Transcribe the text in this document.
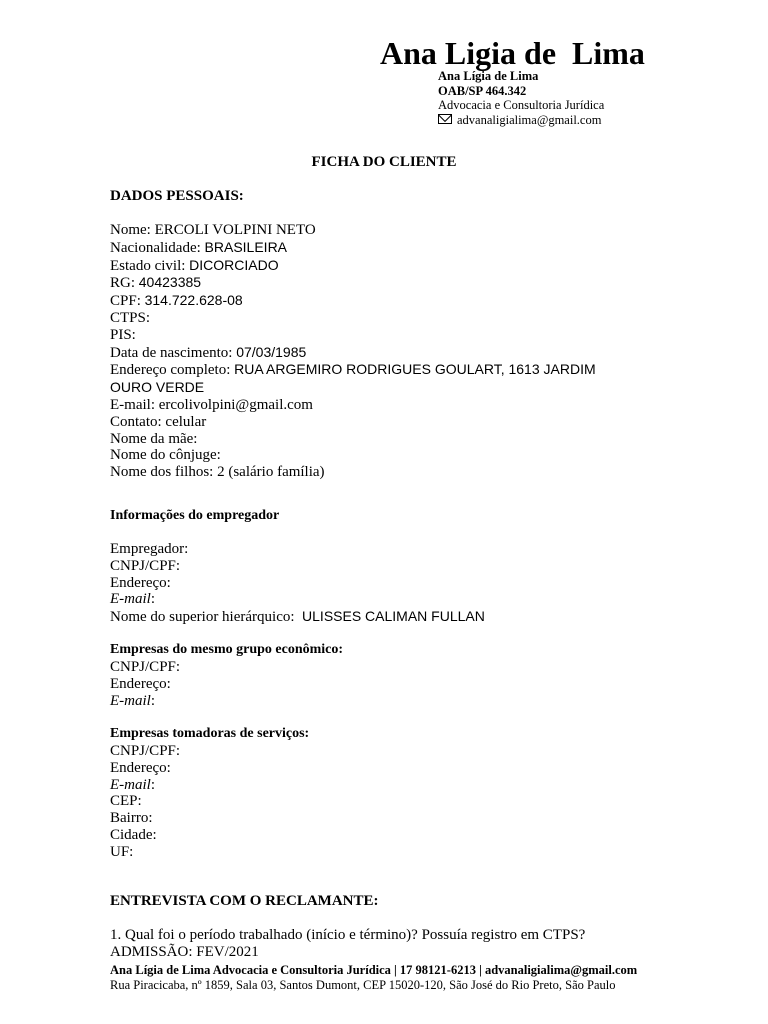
Ana Ligia de  Lima
Ana Lígia de Lima
OAB/SP 464.342
Advocacia e Consultoria Jurídica
advanaligialima@gmail.com
FICHA DO CLIENTE
DADOS PESSOAIS:
Nome: ERCOLI VOLPINI NETO
Nacionalidade: BRASILEIRA
Estado civil: DICORCIADO
RG: 40423385
CPF: 314.722.628-08
CTPS:
PIS:
Data de nascimento: 07/03/1985
Endereço completo: RUA ARGEMIRO RODRIGUES GOULART, 1613 JARDIM
OURO VERDE
E-mail: ercolivolpini@gmail.com
Contato: celular
Nome da mãe:
Nome do cônjuge:
Nome dos filhos: 2 (salário família)
Informações do empregador
Empregador:
CNPJ/CPF:
Endereço:
E-mail:
Nome do superior hierárquico:  ULISSES CALIMAN FULLAN
Empresas do mesmo grupo econômico:
CNPJ/CPF:
Endereço:
E-mail:
Empresas tomadoras de serviços:
CNPJ/CPF:
Endereço:
E-mail:
CEP:
Bairro:
Cidade:
UF:
ENTREVISTA COM O RECLAMANTE:
1. Qual foi o período trabalhado (início e término)? Possuía registro em CTPS?
ADMISSÃO: FEV/2021
Ana Lígia de Lima Advocacia e Consultoria Jurídica | 17 98121-6213 | advanaligialima@gmail.com
Rua Piracicaba, nº 1859, Sala 03, Santos Dumont, CEP 15020-120, São José do Rio Preto, São Paulo
